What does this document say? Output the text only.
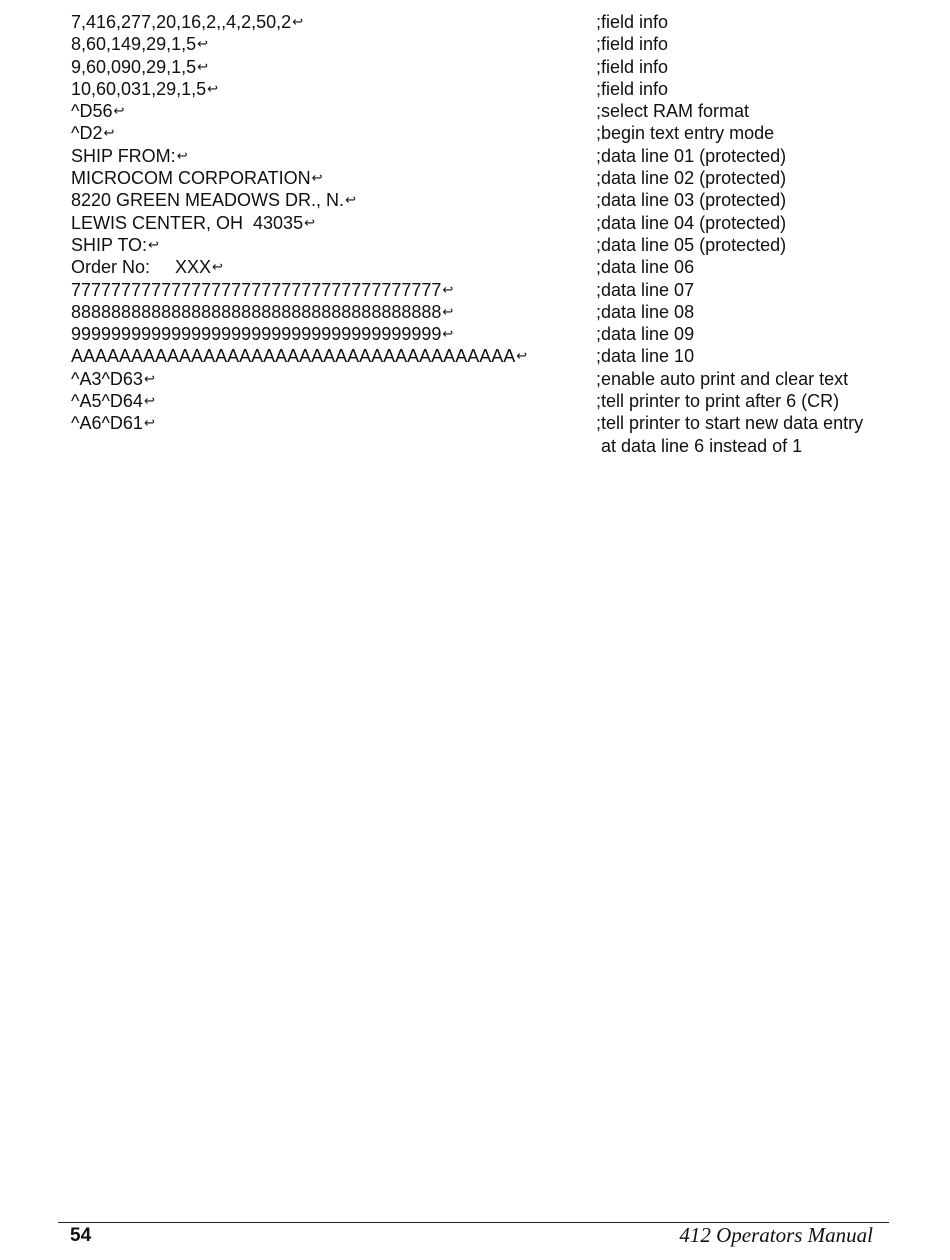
7,416,277,20,16,2,,4,2,50,2↩

	;field info

8,60,149,29,1,5↩

	;field info

9,60,090,29,1,5↩

	;field info

10,60,031,29,1,5↩

	;field info

^D56↩

	;select RAM format

^D2↩

	;begin text entry mode

SHIP FROM:↩

	;data line 01 (protected)

MICROCOM CORPORATION↩

	;data line 02 (protected)

8220 GREEN MEADOWS DR., N.↩

	;data line 03 (protected)

LEWIS CENTER, OH  43035↩

	;data line 04 (protected)

SHIP TO:↩

	;data line 05 (protected)

Order No:     XXX↩

	;data line 06

7777777777777777777777777777777777777↩

	;data line 07

8888888888888888888888888888888888888↩

	;data line 08

9999999999999999999999999999999999999↩

	;data line 09

AAAAAAAAAAAAAAAAAAAAAAAAAAAAAAAAAAAAA↩

	;data line 10

^A3^D63↩

	;enable auto print and clear text

^A5^D64↩

	;tell printer to print after 6 (CR)

^A6^D61↩

	;tell printer to start new data entry

at data line 6 instead of 1

54	412 Operators Manual
